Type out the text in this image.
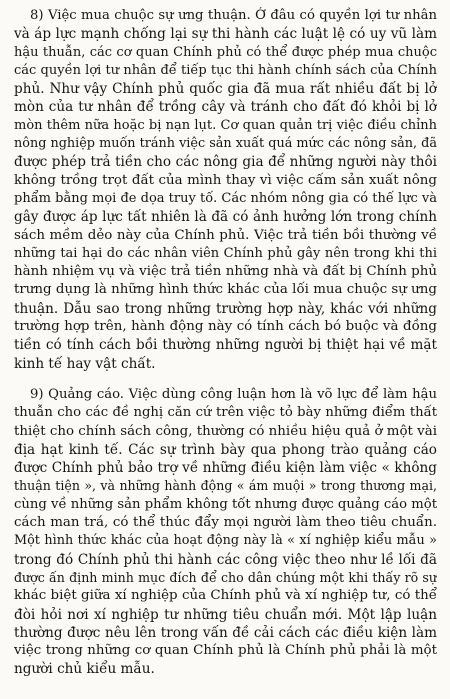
8) Việc mua chuộc sự ưng thuận. Ở đâu có quyền lợi tư nhân
và áp lực mạnh chống lại sự thi hành các luật lệ có uy vũ làm
hậu thuẫn, các cơ quan Chính phủ có thể được phép mua chuộc
các quyền lợi tư nhân để tiếp tục thi hành chính sách của Chính
phủ. Như vậy Chính phủ quốc gia đã mua rất nhiều đất bị lở
mòn của tư nhân để trồng cây và tránh cho đất đó khỏi bị lở
mòn thêm nữa hoặc bị nạn lụt. Cơ quan quản trị việc điều chỉnh
nông nghiệp muốn tránh việc sản xuất quá mức các nông sản, đã
được phép trả tiền cho các nông gia để những người này thôi
không trồng trọt đất của mình thay vì việc cấm sản xuất nông
phẩm bằng mọi đe dọa truy tố. Các nhóm nông gia có thế lực và
gây được áp lực tất nhiên là đã có ảnh hưởng lớn trong chính
sách mềm dẻo này của Chính phủ. Việc trả tiền bồi thường về
những tai hại do các nhân viên Chính phủ gây nên trong khi thi
hành nhiệm vụ và việc trả tiền những nhà và đất bị Chính phủ
trưng dụng là những hình thức khác của lối mua chuộc sự ưng
thuận. Dẫu sao trong những trường hợp này, khác với những
trường hợp trên, hành động này có tính cách bó buộc và đồng
tiền có tính cách bồi thường những người bị thiệt hại về mặt
kinh tế hay vật chất.
9) Quảng cáo. Việc dùng công luận hơn là võ lực để làm hậu
thuẫn cho các đề nghị căn cứ trên việc tỏ bày những điểm thất
thiệt cho chính sách công, thường có nhiều hiệu quả ở một vài
địa hạt kinh tế. Các sự trình bày qua phong trào quảng cáo
được Chính phủ bảo trợ về những điều kiện làm việc « không
thuận tiện », và những hành động « ám muội » trong thương mại,
cùng về những sản phẩm không tốt nhưng được quảng cáo một
cách man trá, có thể thúc đẩy mọi người làm theo tiêu chuẩn.
Một hình thức khác của hoạt động này là « xí nghiệp kiểu mẫu »
trong đó Chính phủ thi hành các công việc theo như lề lối đã
được ấn định minh mục đích để cho dân chúng một khi thấy rõ sự
khác biệt giữa xí nghiệp của Chính phủ và xí nghiệp tư, có thể
đòi hỏi nơi xí nghiệp tư những tiêu chuẩn mới. Một lập luận
thường được nêu lên trong vấn đề cải cách các điều kiện làm
việc trong những cơ quan Chính phủ là Chính phủ phải là một
người chủ kiểu mẫu.
